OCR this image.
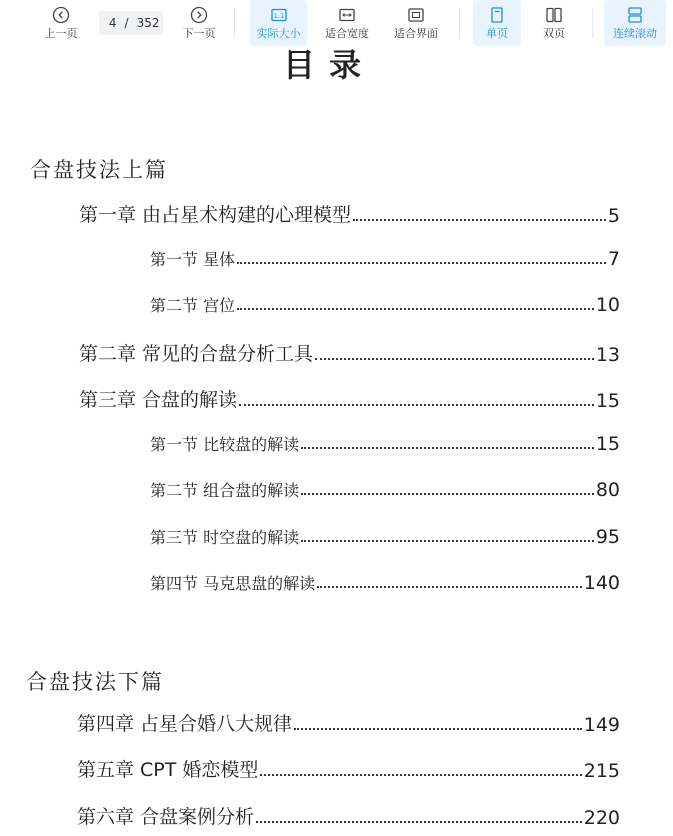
上一页
4
/ 352
下一页
1:1
实际大小 适合宽度 适合界面	单页	双页	连续滚动
目录
合盘技法上篇
第一章 由占星术构建的心理模型	5
第一节 星体	7
第二节 宫位	10
第二章 常见的合盘分析工具	13
第三章 合盘的解读	15
第一节 比较盘的解读	15
第二节 组合盘的解读	80
第三节 时空盘的解读	95
第四节 马克思盘的解读	140
合盘技法下篇
第四章 占星合婚八大规律	149
第五章 CPT 婚恋模型	215
第六章 合盘案例分析	220
